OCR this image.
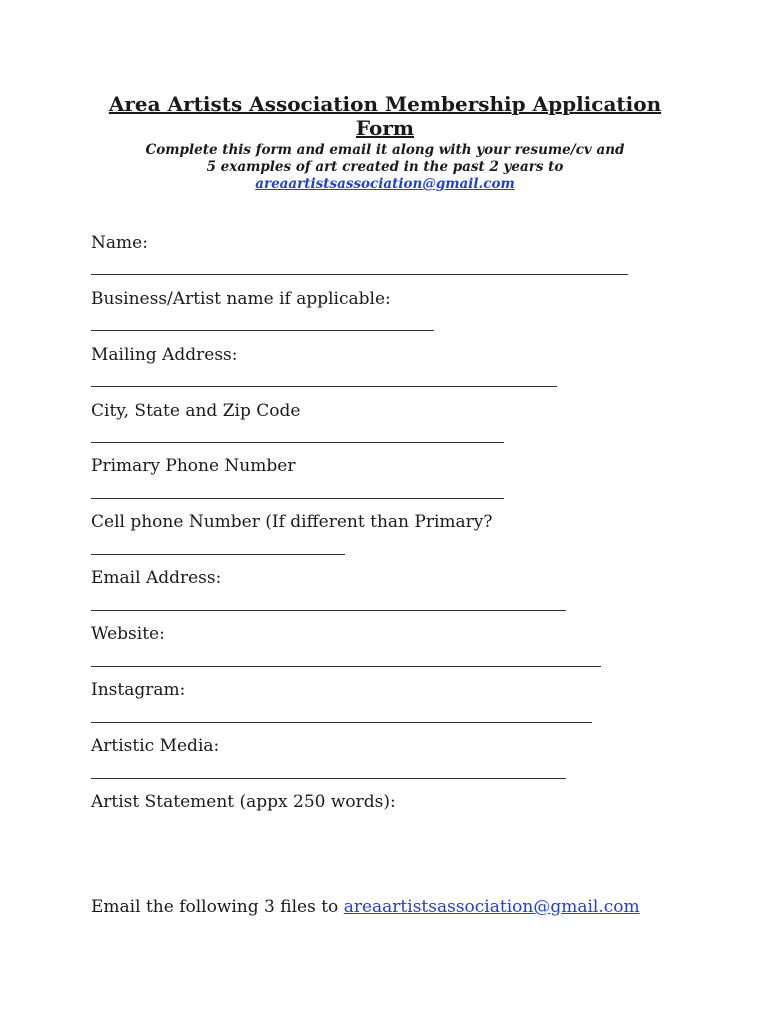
Area Artists Association Membership Application
Form
Complete this form and email it along with your resume/cv and
5 examples of art created in the past 2 years to
areaartistsassociation@gmail.com
Name:
Business/Artist name if applicable:
Mailing Address:
City, State and Zip Code
Primary Phone Number
Cell phone Number (If different than Primary?
Email Address:
Website:
Instagram:
Artistic Media:
Artist Statement (appx 250 words):
Email the following 3 files to areaartistsassociation@gmail.com
